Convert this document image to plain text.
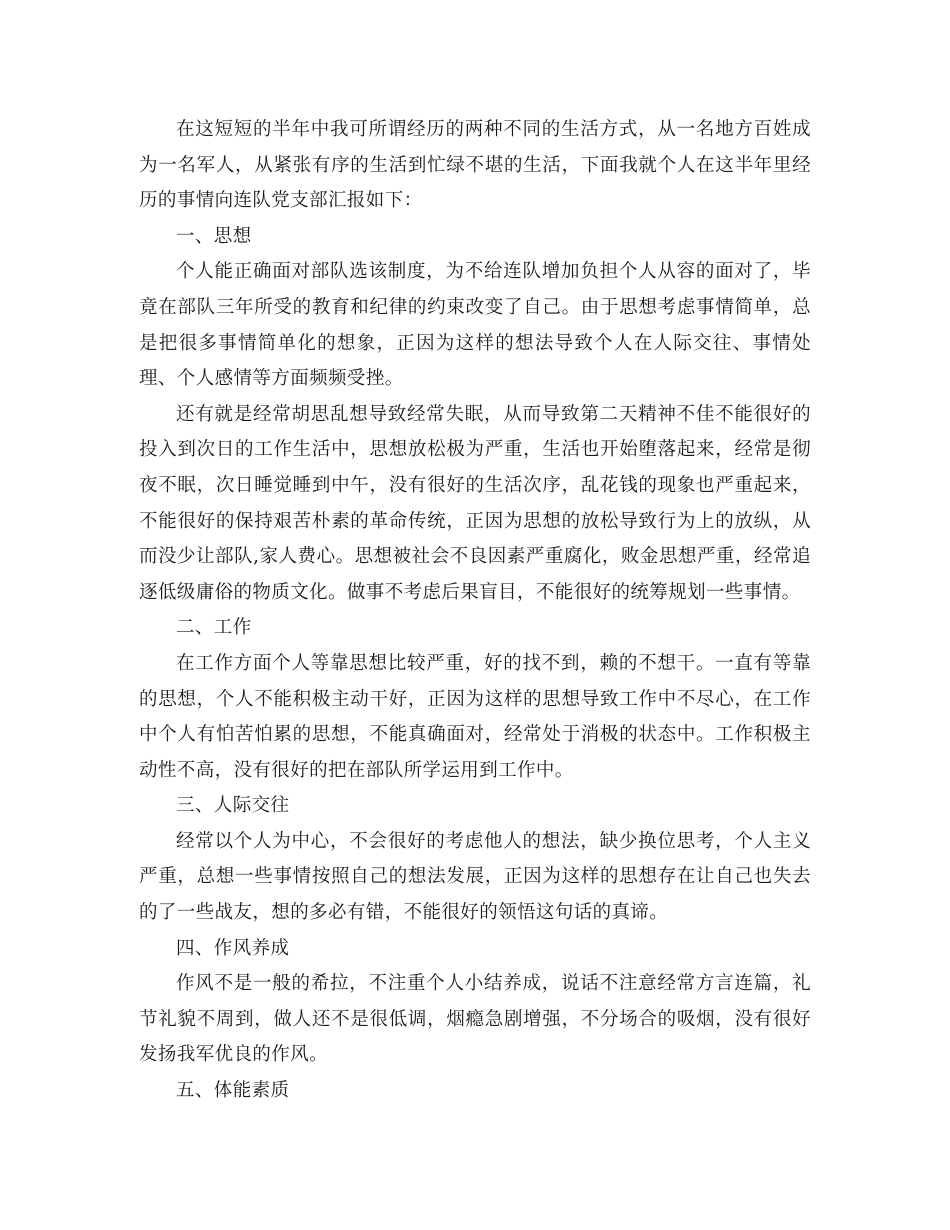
在这短短的半年中我可所谓经历的两种不同的生活方式，从一名地方百姓成为一名军人，从紧张有序的生活到忙绿不堪的生活，下面我就个人在这半年里经历的事情向连队党支部汇报如下：

一、思想

个人能正确面对部队选该制度，为不给连队增加负担个人从容的面对了，毕竟在部队三年所受的教育和纪律的约束改变了自己。由于思想考虑事情简单，总是把很多事情简单化的想象，正因为这样的想法导致个人在人际交往、事情处理、个人感情等方面频频受挫。

还有就是经常胡思乱想导致经常失眠，从而导致第二天精神不佳不能很好的投入到次日的工作生活中，思想放松极为严重，生活也开始堕落起来，经常是彻夜不眠，次日睡觉睡到中午，没有很好的生活次序，乱花钱的现象也严重起来，不能很好的保持艰苦朴素的革命传统，正因为思想的放松导致行为上的放纵，从而没少让部队,家人费心。思想被社会不良因素严重腐化，败金思想严重，经常追逐低级庸俗的物质文化。做事不考虑后果盲目，不能很好的统筹规划一些事情。

二、工作

在工作方面个人等靠思想比较严重，好的找不到，赖的不想干。一直有等靠的思想，个人不能积极主动干好，正因为这样的思想导致工作中不尽心，在工作中个人有怕苦怕累的思想，不能真确面对，经常处于消极的状态中。工作积极主动性不高，没有很好的把在部队所学运用到工作中。

三、人际交往

经常以个人为中心，不会很好的考虑他人的想法，缺少换位思考，个人主义严重，总想一些事情按照自己的想法发展，正因为这样的思想存在让自己也失去的了一些战友，想的多必有错，不能很好的领悟这句话的真谛。

四、作风养成

作风不是一般的希拉，不注重个人小结养成，说话不注意经常方言连篇，礼节礼貌不周到，做人还不是很低调，烟瘾急剧增强，不分场合的吸烟，没有很好发扬我军优良的作风。

五、体能素质
